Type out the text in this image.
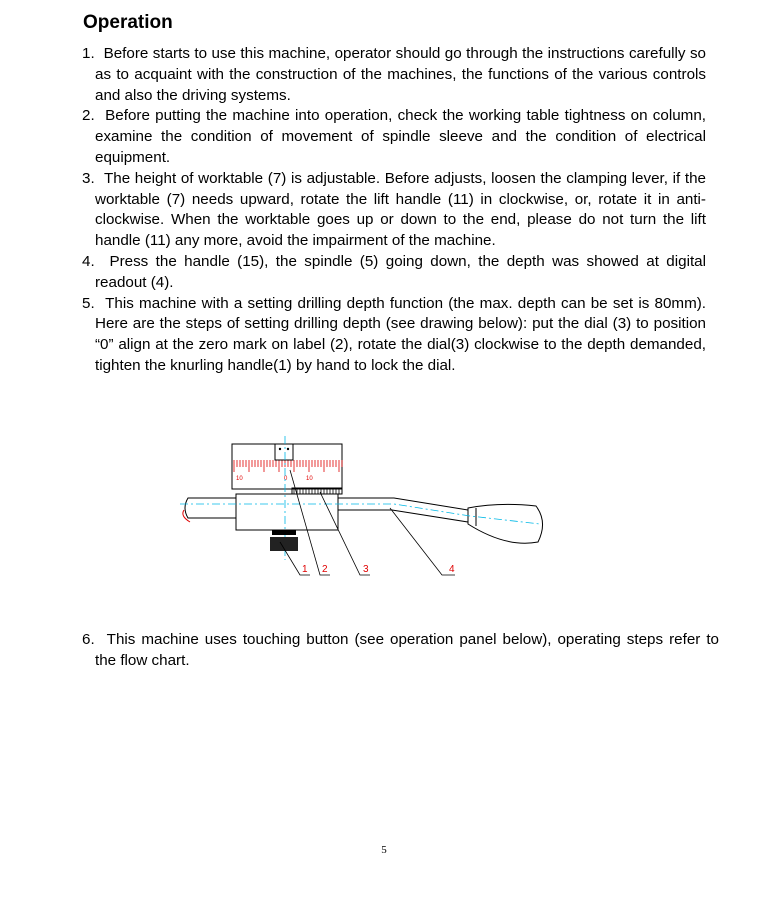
Operation
1. Before starts to use this machine, operator should go through the instructions carefully so as to acquaint with the construction of the machines, the functions of the various controls and also the driving systems.
2. Before putting the machine into operation, check the working table tightness on column, examine the condition of movement of spindle sleeve and the condition of electrical equipment.
3. The height of worktable (7) is adjustable. Before adjusts, loosen the clamping lever, if the worktable (7) needs upward, rotate the lift handle (11) in clockwise, or, rotate it in anti-clockwise. When the worktable goes up or down to the end, please do not turn the lift handle (11) any more, avoid the impairment of the machine.
4. Press the handle (15), the spindle (5) going down, the depth was showed at digital readout (4).
5. This machine with a setting drilling depth function (the max. depth can be set is 80mm). Here are the steps of setting drilling depth (see drawing below): put the dial (3) to position “0” align at the zero mark on label (2), rotate the dial(3) clockwise to the depth demanded, tighten the knurling handle(1) by hand to lock the dial.
10	0	10
1 2	3	4
6. This machine uses touching button (see operation panel below), operating steps refer to the flow chart.
5
